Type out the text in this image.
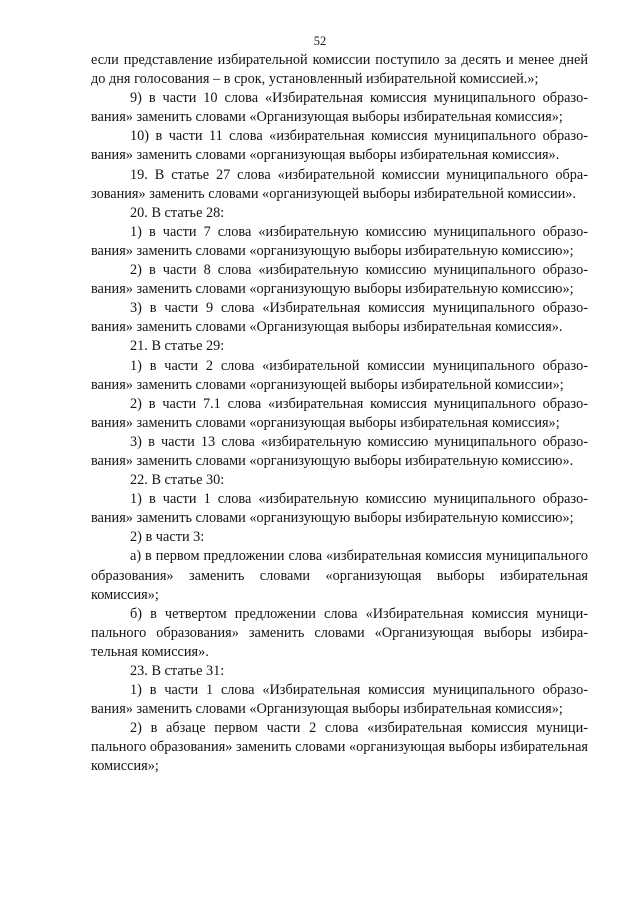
52

если представление избирательной комиссии поступило за десять и менее дней до дня голосования – в срок, установленный избирательной комиссией.»;

9) в части 10 слова «Избирательная комиссия муниципального образования» заменить словами «Организующая выборы избирательная комиссия»;

10) в части 11 слова «избирательная комиссия муниципального образования» заменить словами «организующая выборы избирательная комиссия».

19. В статье 27 слова «избирательной комиссии муниципального образования» заменить словами «организующей выборы избирательной комиссии».

20. В статье 28:

1) в части 7 слова «избирательную комиссию муниципального образования» заменить словами «организующую выборы избирательную комиссию»;

2) в части 8 слова «избирательную комиссию муниципального образования» заменить словами «организующую выборы избирательную комиссию»;

3) в части 9 слова «Избирательная комиссия муниципального образования» заменить словами «Организующая выборы избирательная комиссия».

21. В статье 29:

1) в части 2 слова «избирательной комиссии муниципального образования» заменить словами «организующей выборы избирательной комиссии»;

2) в части 7.1 слова «избирательная комиссия муниципального образования» заменить словами «организующая выборы избирательная комиссия»;

3) в части 13 слова «избирательную комиссию муниципального образования» заменить словами «организующую выборы избирательную комиссию».

22. В статье 30:

1) в части 1 слова «избирательную комиссию муниципального образования» заменить словами «организующую выборы избирательную комиссию»;

2) в части 3:

а) в первом предложении слова «избирательная комиссия муниципального образования» заменить словами «организующая выборы избирательная комиссия»;

б) в четвертом предложении слова «Избирательная комиссия муниципального образования» заменить словами «Организующая выборы избирательная комиссия».

23. В статье 31:

1) в части 1 слова «Избирательная комиссия муниципального образования» заменить словами «Организующая выборы избирательная комиссия»;

2) в абзаце первом части 2 слова «избирательная комиссия муниципального образования» заменить словами «организующая выборы избирательная комиссия»;
